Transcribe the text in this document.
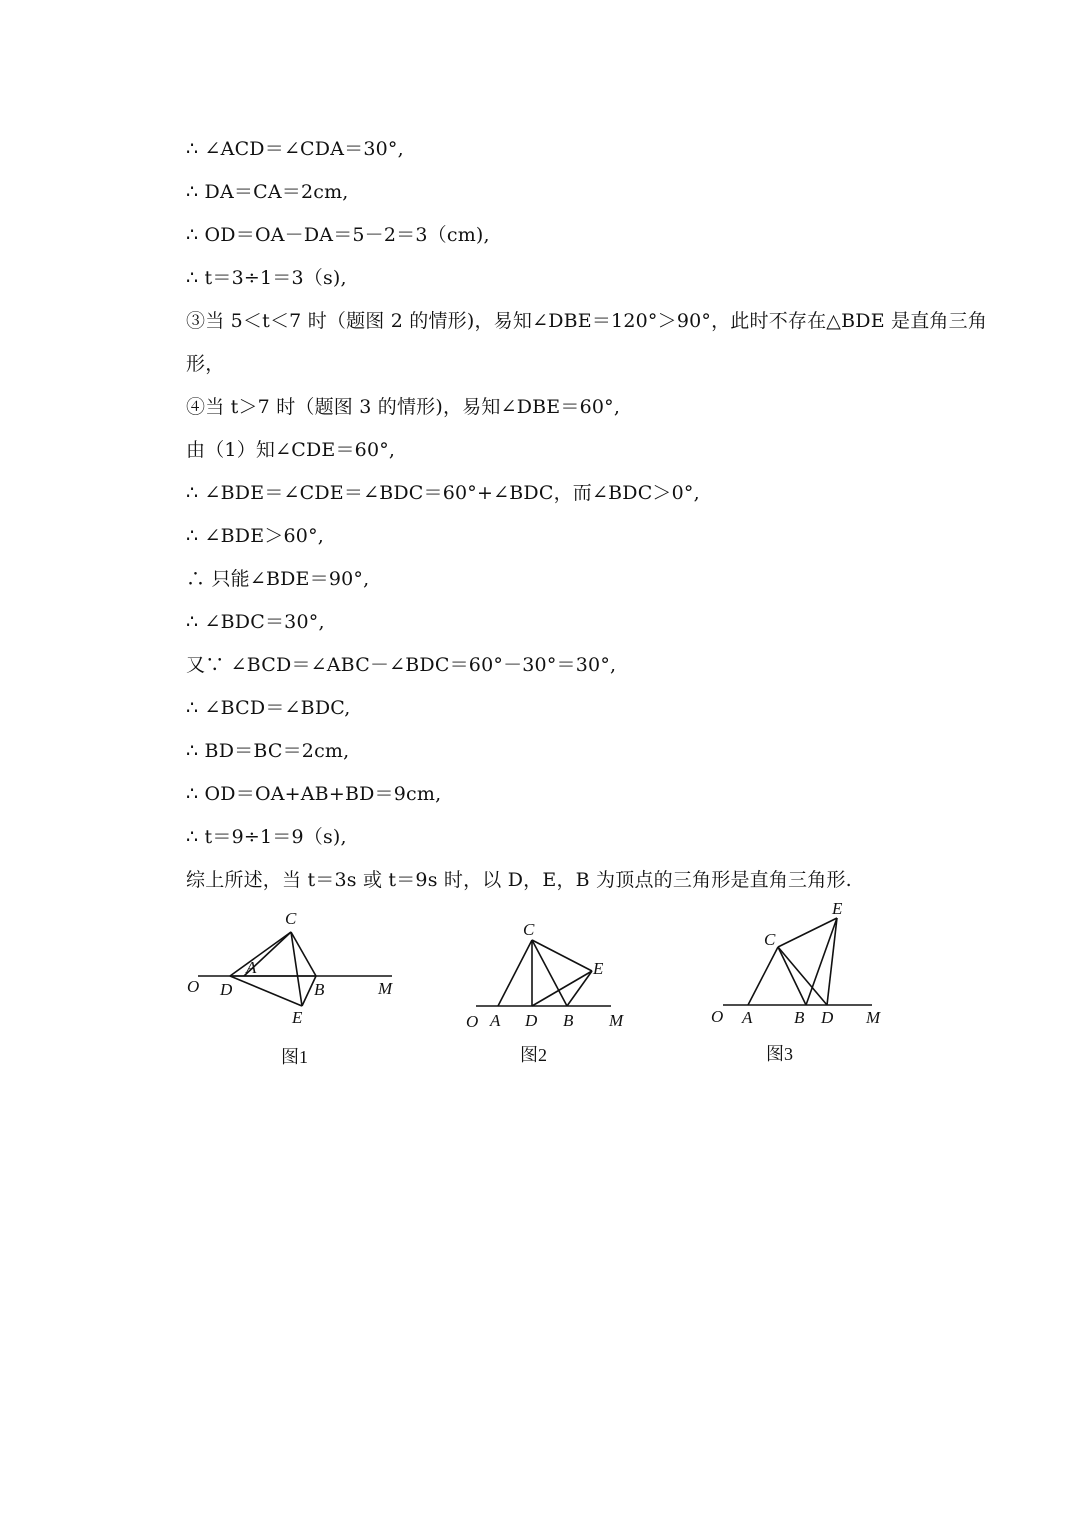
∴ ∠ACD＝∠CDA＝30°,
∴ DA＝CA＝2cm,
∴ OD＝OA－DA＝5－2＝3（cm),
∴ t＝3÷1＝3（s),
③当 5＜t＜7 时（题图 2 的情形)，易知∠DBE＝120°＞90°，此时不存在△BDE 是直角三角
形，
④当 t＞7 时（题图 3 的情形)，易知∠DBE＝60°,
由（1）知∠CDE＝60°,
∴ ∠BDE＝∠CDE＝∠BDC＝60°+∠BDC，而∠BDC＞0°,
∴ ∠BDE＞60°,
∴ 只能∠BDE＝90°,
∴ ∠BDC＝30°,
又∵ ∠BCD＝∠ABC－∠BDC＝60°－30°＝30°,
∴ ∠BCD＝∠BDC,
∴ BD＝BC＝2cm,
∴ OD＝OA+AB+BD＝9cm,
∴ t＝9÷1＝9（s),
综上所述，当 t＝3s 或 t＝9s 时，以 D，E，B 为顶点的三角形是直角三角形.
O D
A
C
B	M
E	O A D B M
C
E
O A B D M
C
E
图1	图2	图3
